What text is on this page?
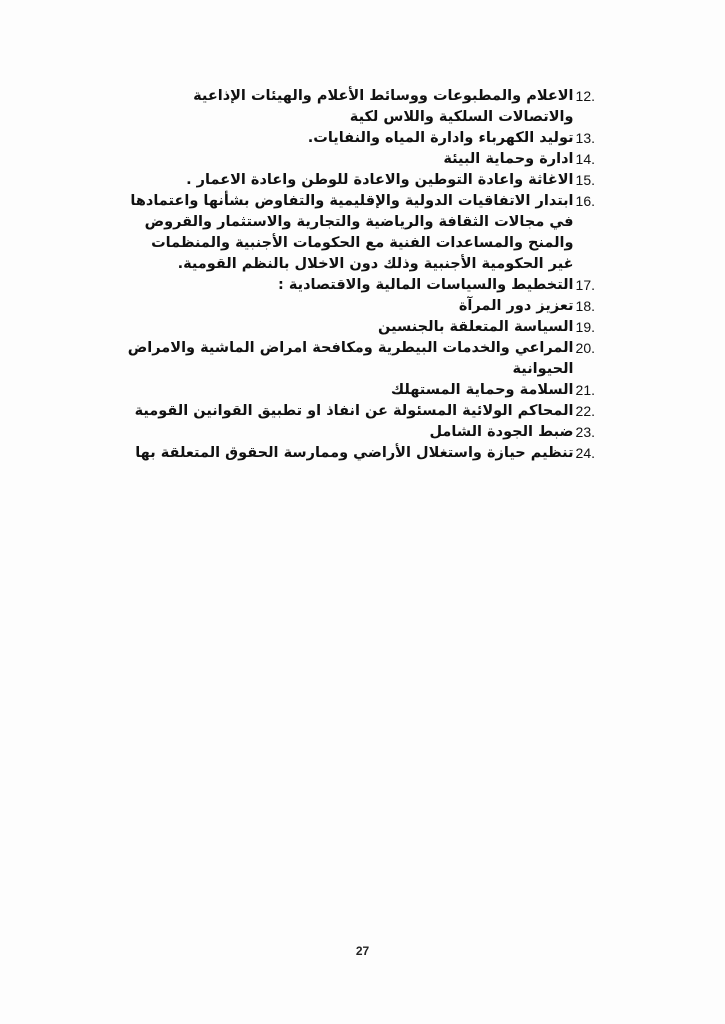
12.
الاعلام والمطبوعات ووسائط الأعلام والهيئات الإذاعية والاتصالات السلكية واللاس لكية
13.
توليد الكهرباء وادارة المياه والنفايات.
14.
ادارة وحماية البيئة
15.
الاغاثة واعادة التوطين والاعادة للوطن واعادة الاعمار .
16.
ابتدار الاتفاقيات الدولية والإقليمية والتفاوض بشأنها واعتمادها في مجالات الثقافة والرياضية والتجارية والاستثمار والقروض والمنح والمساعدات الفنية مع الحكومات الأجنبية والمنظمات غير الحكومية الأجنبية وذلك دون الاخلال بالنظم القومية.
17.
التخطيط والسياسات المالية والاقتصادية :
18.
تعزيز دور المرآة
19.
السياسة المتعلقة بالجنسين
20.
المراعي والخدمات البيطرية ومكافحة امراض الماشية والامراض الحيوانية
21.
السلامة وحماية المستهلك
22.
المحاكم الولائية المسئولة عن انفاذ او تطبيق القوانين القومية
23.
ضبط الجودة الشامل
24.
تنظيم حيازة واستغلال الأراضي وممارسة الحقوق المتعلقة بها
27
